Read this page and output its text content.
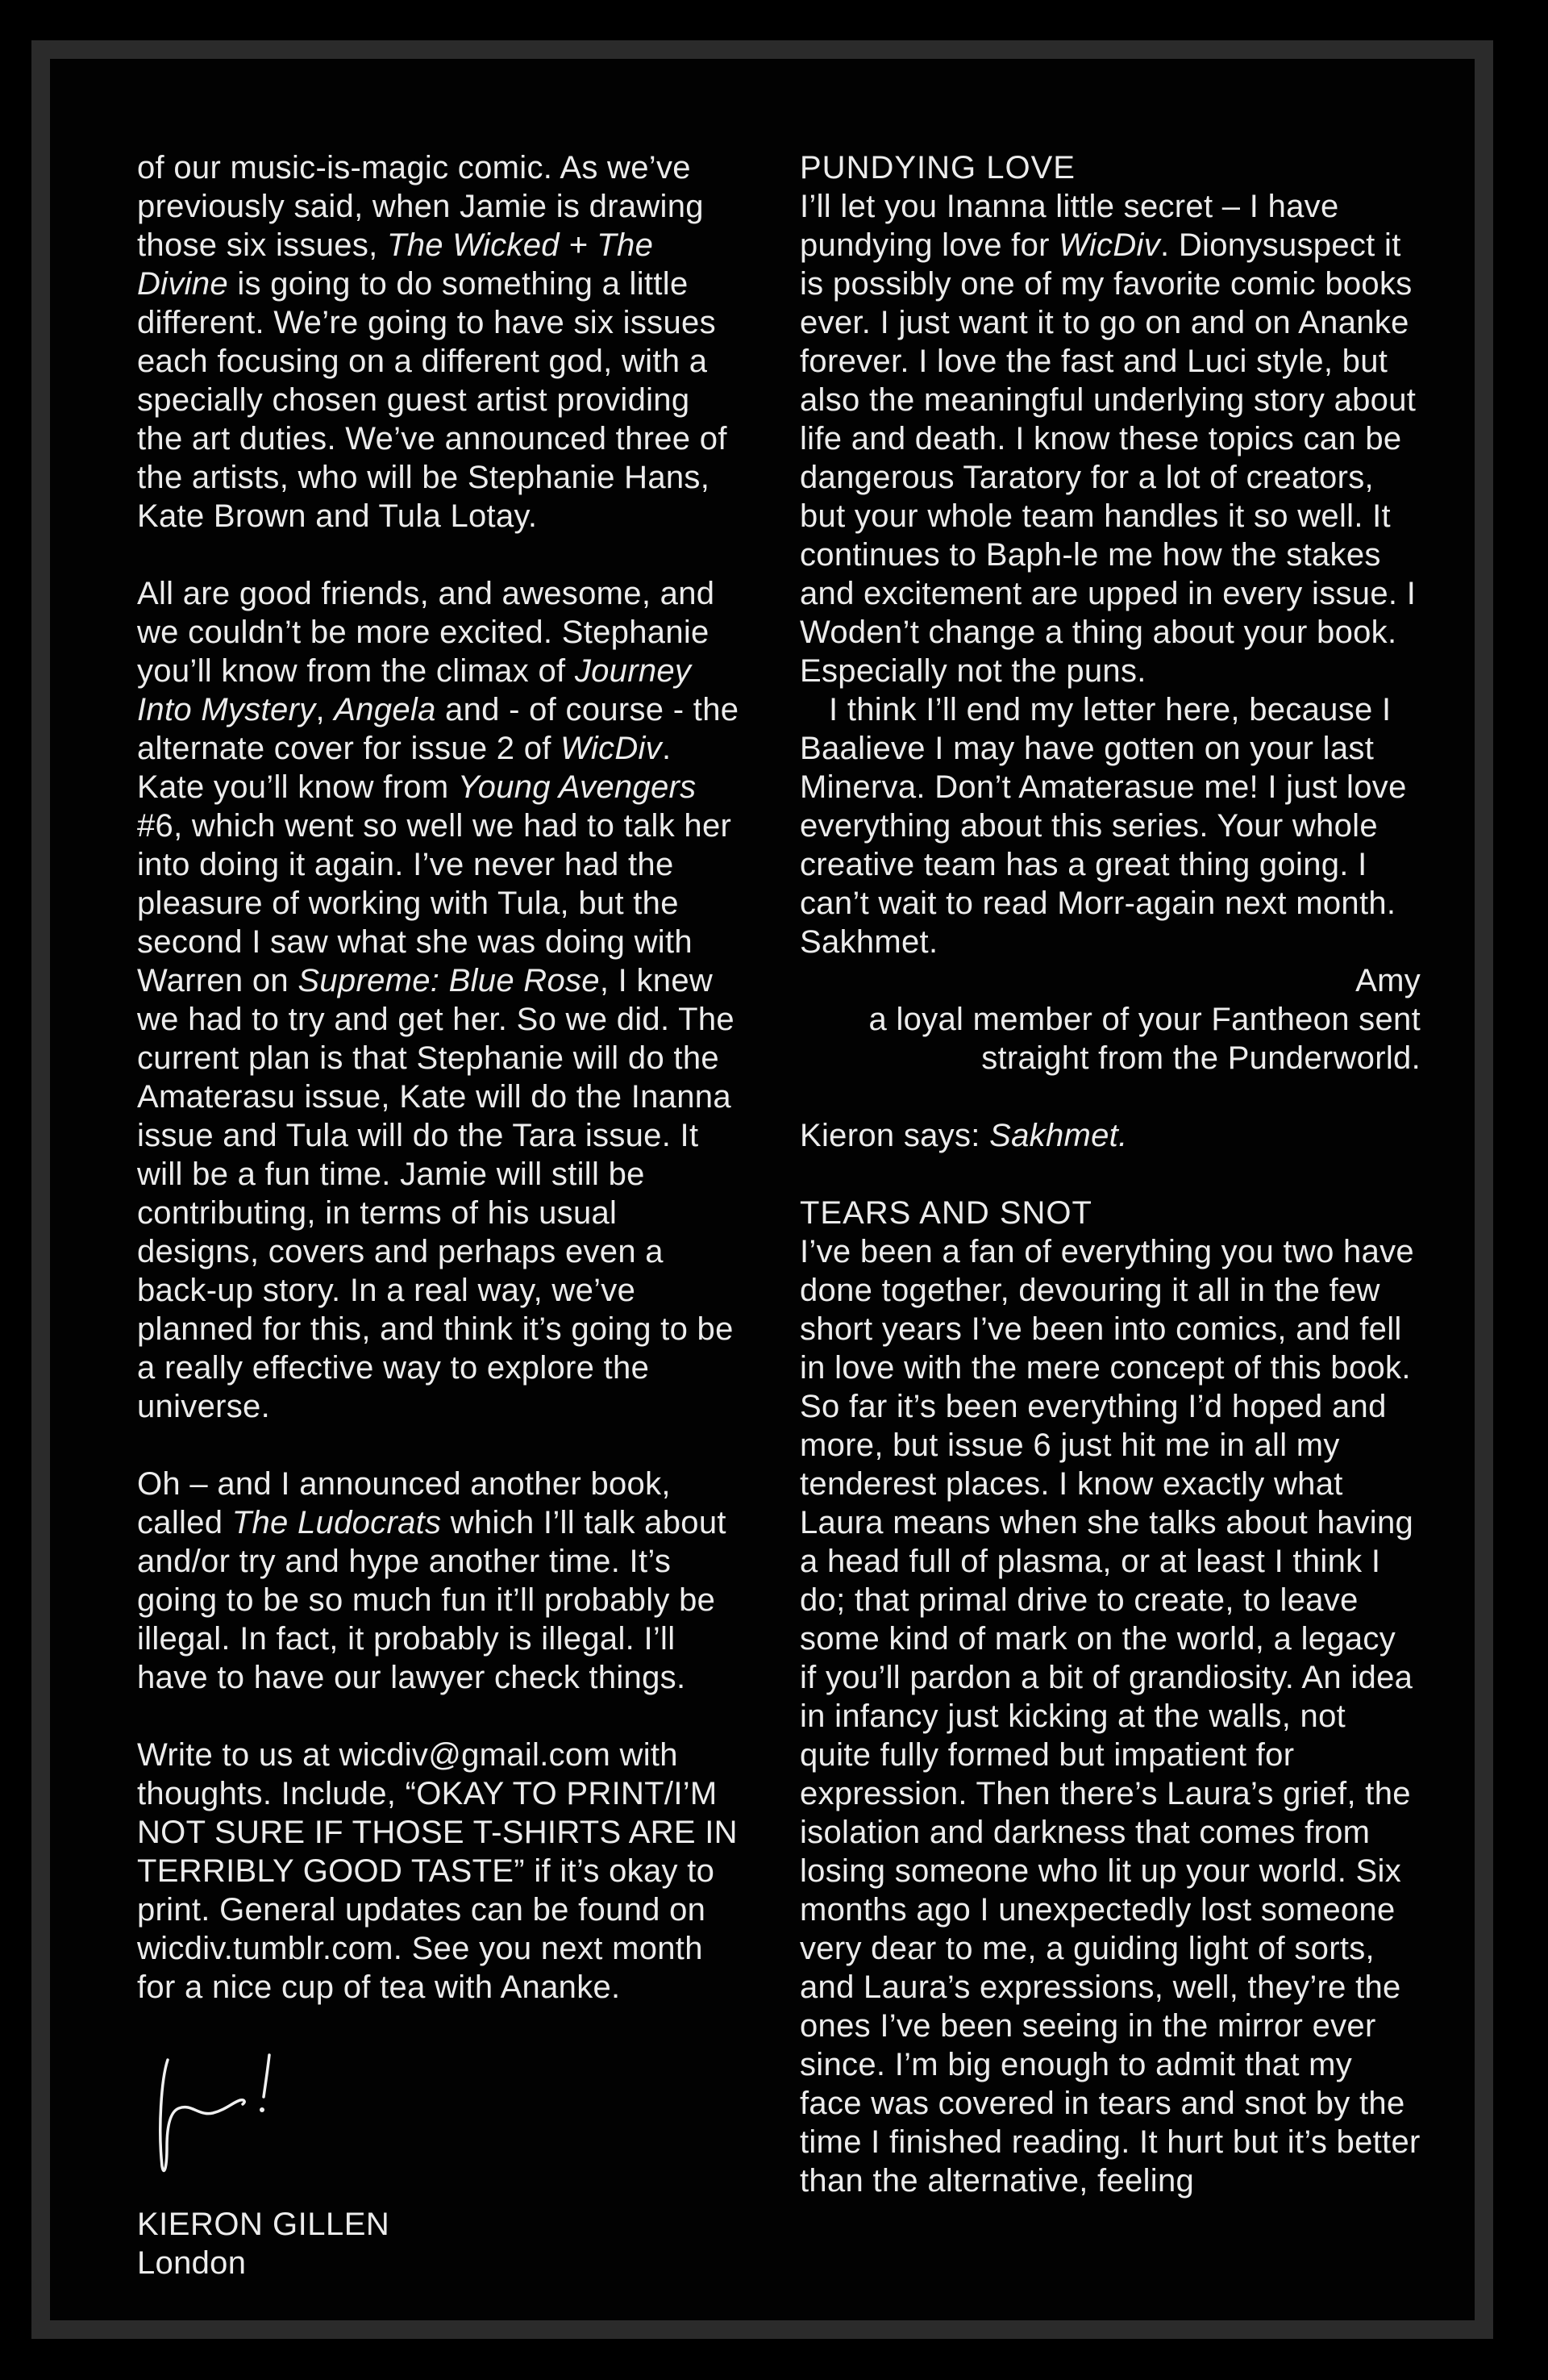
of our music-is-magic comic. As we’ve previously said, when Jamie is drawing those six issues, The Wicked + The Divine is going to do something a little different. We’re going to have six issues each focusing on a different god, with a specially chosen guest artist providing the art duties. We’ve announced three of the artists, who will be Stephanie Hans, Kate Brown and Tula Lotay.

All are good friends, and awesome, and we couldn’t be more excited. Stephanie you’ll know from the climax of Journey Into Mystery, Angela and - of course - the alternate cover for issue 2 of WicDiv. Kate you’ll know from Young Avengers #6, which went so well we had to talk her into doing it again. I’ve never had the pleasure of working with Tula, but the second I saw what she was doing with Warren on Supreme: Blue Rose, I knew we had to try and get her. So we did. The current plan is that Stephanie will do the Amaterasu issue, Kate will do the Inanna issue and Tula will do the Tara issue. It will be a fun time. Jamie will still be contributing, in terms of his usual designs, covers and perhaps even a back-up story. In a real way, we’ve planned for this, and think it’s going to be a really effective way to explore the universe.

Oh – and I announced another book, called The Ludocrats which I’ll talk about and/or try and hype another time. It’s going to be so much fun it’ll probably be illegal. In fact, it probably is illegal. I’ll have to have our lawyer check things.

Write to us at wicdiv@gmail.com with thoughts. Include, “OKAY TO PRINT/I’M NOT SURE IF THOSE T-SHIRTS ARE IN TERRIBLY GOOD TASTE” if it’s okay to print. General updates can be found on wicdiv.tumblr.com. See you next month for a nice cup of tea with Ananke.

KIERON GILLEN
London
PUNDYING LOVE

I’ll let you Inanna little secret – I have pundying love for WicDiv. Dionysuspect it is possibly one of my favorite comic books ever. I just want it to go on and on Ananke forever. I love the fast and Luci style, but also the meaningful underlying story about life and death. I know these topics can be dangerous Taratory for a lot of creators, but your whole team handles it so well. It continues to Baph-le me how the stakes and excitement are upped in every issue. I Woden’t change a thing about your book. Especially not the puns.

I think I’ll end my letter here, because I Baalieve I may have gotten on your last Minerva. Don’t Amaterasue me! I just love everything about this series. Your whole creative team has a great thing going. I can’t wait to read Morr-again next month. Sakhmet.

Amy
a loyal member of your Fantheon sent
straight from the Punderworld.
Kieron says: Sakhmet.
TEARS AND SNOT

I’ve been a fan of everything you two have done together, devouring it all in the few short years I’ve been into comics, and fell in love with the mere concept of this book. So far it’s been everything I’d hoped and more, but issue 6 just hit me in all my tenderest places. I know exactly what Laura means when she talks about having a head full of plasma, or at least I think I do; that primal drive to create, to leave some kind of mark on the world, a legacy if you’ll pardon a bit of grandiosity. An idea in infancy just kicking at the walls, not quite fully formed but impatient for expression. Then there’s Laura’s grief, the isolation and darkness that comes from losing someone who lit up your world. Six months ago I unexpectedly lost someone very dear to me, a guiding light of sorts, and Laura’s expressions, well, they’re the ones I’ve been seeing in the mirror ever since. I’m big enough to admit that my face was covered in tears and snot by the time I finished reading. It hurt but it’s better than the alternative, feeling
